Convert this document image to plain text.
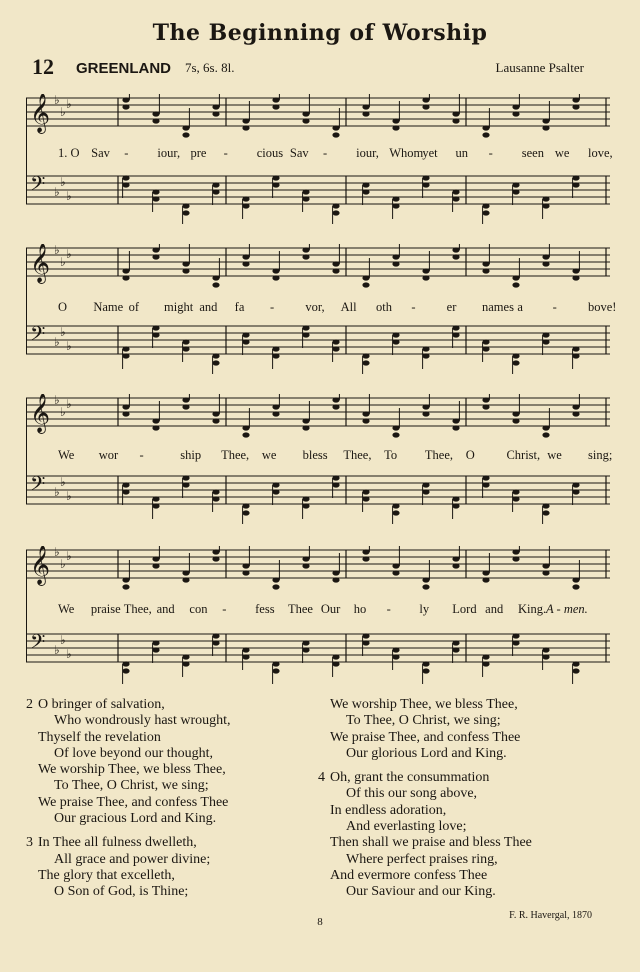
The Beginning of Worship
12 GREENLAND 7s, 6s. 8l.	Lausanne Psalter
𝄞 ♭
♭
♭
𝄢 ♭
♭
♭
1. O Sav - iour, pre - cious Sav - iour, Whom yet un - seen we love,
𝄞 ♭
♭
♭
𝄢 ♭
♭
♭
O Name of might and fa - vor, All oth - er names a - bove!
𝄞 ♭
♭
♭
𝄢 ♭
♭
♭
We wor -	ship Thee, we bless Thee, To Thee, O	Christ, we sing;
𝄞 ♭
♭
♭
𝄢 ♭
♭
♭
We praise Thee, and con - fess Thee Our ho - ly Lord and King. A - men.
2 O bringer of salvation,
Who wondrously hast wrought,
Thyself the revelation
Of love beyond our thought,
We worship Thee, we bless Thee,
To Thee, O Christ, we sing;
We praise Thee, and confess Thee
Our gracious Lord and King.
3 In Thee all fulness dwelleth,
All grace and power divine;
The glory that excelleth,
O Son of God, is Thine;
We worship Thee, we bless Thee,
To Thee, O Christ, we sing;
We praise Thee, and confess Thee
Our glorious Lord and King.
4 Oh, grant the consummation
Of this our song above,
In endless adoration,
And everlasting love;
Then shall we praise and bless Thee
Where perfect praises ring,
And evermore confess Thee
Our Saviour and our King.
8
F. R. Havergal, 1870
